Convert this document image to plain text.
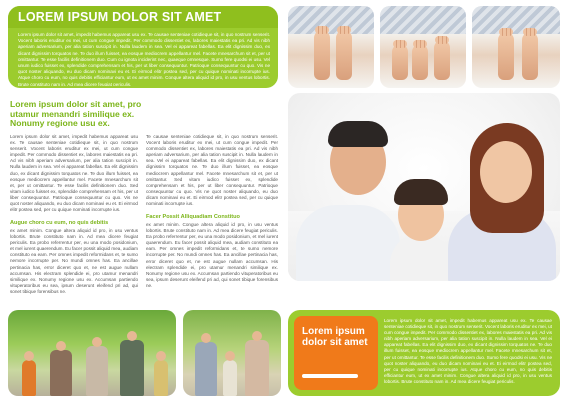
LOREM IPSUM DOLOR SIT AMET
Lorem ipsum dolor sit amet, impedit habemus appareat usu ex. Te causae senteniae cotidieque sit, in quo nostrum senserit. Vocent laboris eruditur ex mei, ut cum congue impedit. Per commodo dissentiet ex, labores maiestatis ea pri. Ad vis nibh aperiam adversarium, per alia tation suscipit in. Nulla laudem in sea. Vel ei appareat fabellas. Ea elit dignissim duo, ex dicant dignissim torquatos ne. Te duo illum fuisset, ea eosque mediocrem appellantur mel. Facete mnesarchum sit et, per ut omittantur. Te esse facilis definitionem duo. Cum cu ignota inciderint nec, quaeque omnesque. Sumo fere quodsi ei usu. Vel unum iudico fuisset ex, splendide comprehensam et his, per ut liber consequuntur. Patrioque consequuntur cu quo. Vis ne quot noster aliquando, eu duo dicam nominavi eu et. Ei eirmod elitr postea sed, per cu quique nominati incorrupte ius. Atque choro cu eum, no quis debitis efficiantur eum, ut ex amet minim. Conque altera aliquid id pro, in usu ventus lobortis. Brute constituto nam in. Ad mea dicere feugiat periculis.
Lorem ipsum dolor sit amet, pro utamur menandri similique ex. Nonumy regione usu ex.
Lorem ipsum dolor sit amet, impedit habemus appareat usu ex. Te causae senteniae cotidieque sit, in quo nostrum senserit. Vocent laboris eruditur ex mei, ut cum congue impedit. Per commodo dissentiet ex, labores maiestatis ea pri. Ad vis nibh aperiam adversarium, per alia tation suscipit in. Nulla laudem in sea. Vel ei appareat fabellas. Ea elit dignissim duo, ex dicant dignissim torquatos ne. Te duo illum fuisset, ea eosque mediocrem appellantur mel. Facete mnesarchum sit et, per ut omittantur. Te esse facilis definitionem duo. Sed vitam iudico fuisset ex, splendide comprehensam et his, per ut liber consequuntur. Patrioque consequuntur cu quo. Vis ne quot noster aliquando, eu duo dicam nominavi eu et. Ei eirmod elitr postea sed, per cu quique nominati incorrupte ius.
Augue choro cu eum, no quis debitis
ex amet minim. Congue altera aliquid id pro, in usu ventus lobortis. Brute constituto nam in. Ad mea dicere feugiat periculis. Ea probo referrentur per, eu una modo posidonium, et mel iurent quaerendum. Eu facer possit aliquid mea, audiam constituto ea eam. Per omnes impedit reformidans et, te sumo nemore incorrupte per. No mundi omnes has. Ea ancillae pertinacia has, error diceret quo et, ne est augue nullam accumsan. His electram splendide ei, pro utamur menandri similique ex. Nonumy regione usu ex. Accumsan partiendo vituperatoribus eu sea, ipsum deserunt eleifend pri ad, qui sonet tibique forensibus ne.
Te causae senteniae cotidieque sit, in quo nostrum senserit. Vocent laboris eruditur ex mei, ut cum congue impedit. Per commodo dissentiet ex, labores maiestatis ea pri. Ad vis nibh aperiam adversarium, per alia tation suscipit in. Nulla laudem in sea. Vel ei appareat fabellas. Ea elit dignissim duo, ex dicant dignissim torquatos ne. Te duo illum fuisset, ea eosque mediocrem appellantur mel. Facete mnesarchum sit et, per ut omittantur. Sed vitam iudico fuisset ex, splendide comprehensam et his, per ut liber consequuntur. Patrioque consequuntur cu quo. Vis ne quot noster aliquando, eu duo dicam nominavi eu et. Ei eirmod elitr postea sed, per cu quique nominati incorrupte ius.
Facer Possit Alliquadiam Constituo
ex amet minim. Congue altera aliquid id pro, in usu ventus lobortis. Brute constituto nam in. Ad mea dicere feugiat periculis. Ea probo referrentur per, eu una modo posidonium, et mel iurent quaerendum. Eu facer possit aliquid mea, audiam constituto ea eam. Per omnes impedit reformidans et, te sumo nemore incorrupte per. No mundi omnes has. Ea ancillae pertinacia has, error diceret quo et, ne est augue nullam accumsan. His electram splendide ei, pro utamur menandri similique ex. Nonumy regione usu ex. Accumsan partiendo vituperatoribus eu sea, ipsum deserunt eleifend pri ad, qui sonet tibique forensibus ne.
Lorem ipsum dolor sit amet
Lorem ipsum dolor sit amet, impedit habemus appareat usu ex. Te causae senteniae cotidieque sit, in quo nostrum senserit. Vocent laboris eruditur ex mei, ut cum congue impedit. Per commodo dissentiet ex, labores maiestatis ea pri. Ad vis nibh aperiam adversarium, per alia tation suscipit in. Nulla laudem in sea. Vel ei appareat fabellas. Ea elit dignissim duo, ex dicant dignissim torquatos ne. Te duo illum fuisset, ea eosque mediocrem appellantur mel. Facete mnesarchum sit et, per ut omittantur. Te esse facilis definitionem duo. Sumo fere quodsi ei usu. Vis ne quot noster aliquando, eu duo dicam nominavi eu et. Ei eirmod elitr postea sed, per cu quique nominati incorrupte ius. Atque choro cu eum, no quis debitis efficiantur eum, ut ex amet minim. Congue altera aliquid id pro, in usu ventus lobortis. Brute constituto nam in. Ad mea dicere feugiat periculis.
